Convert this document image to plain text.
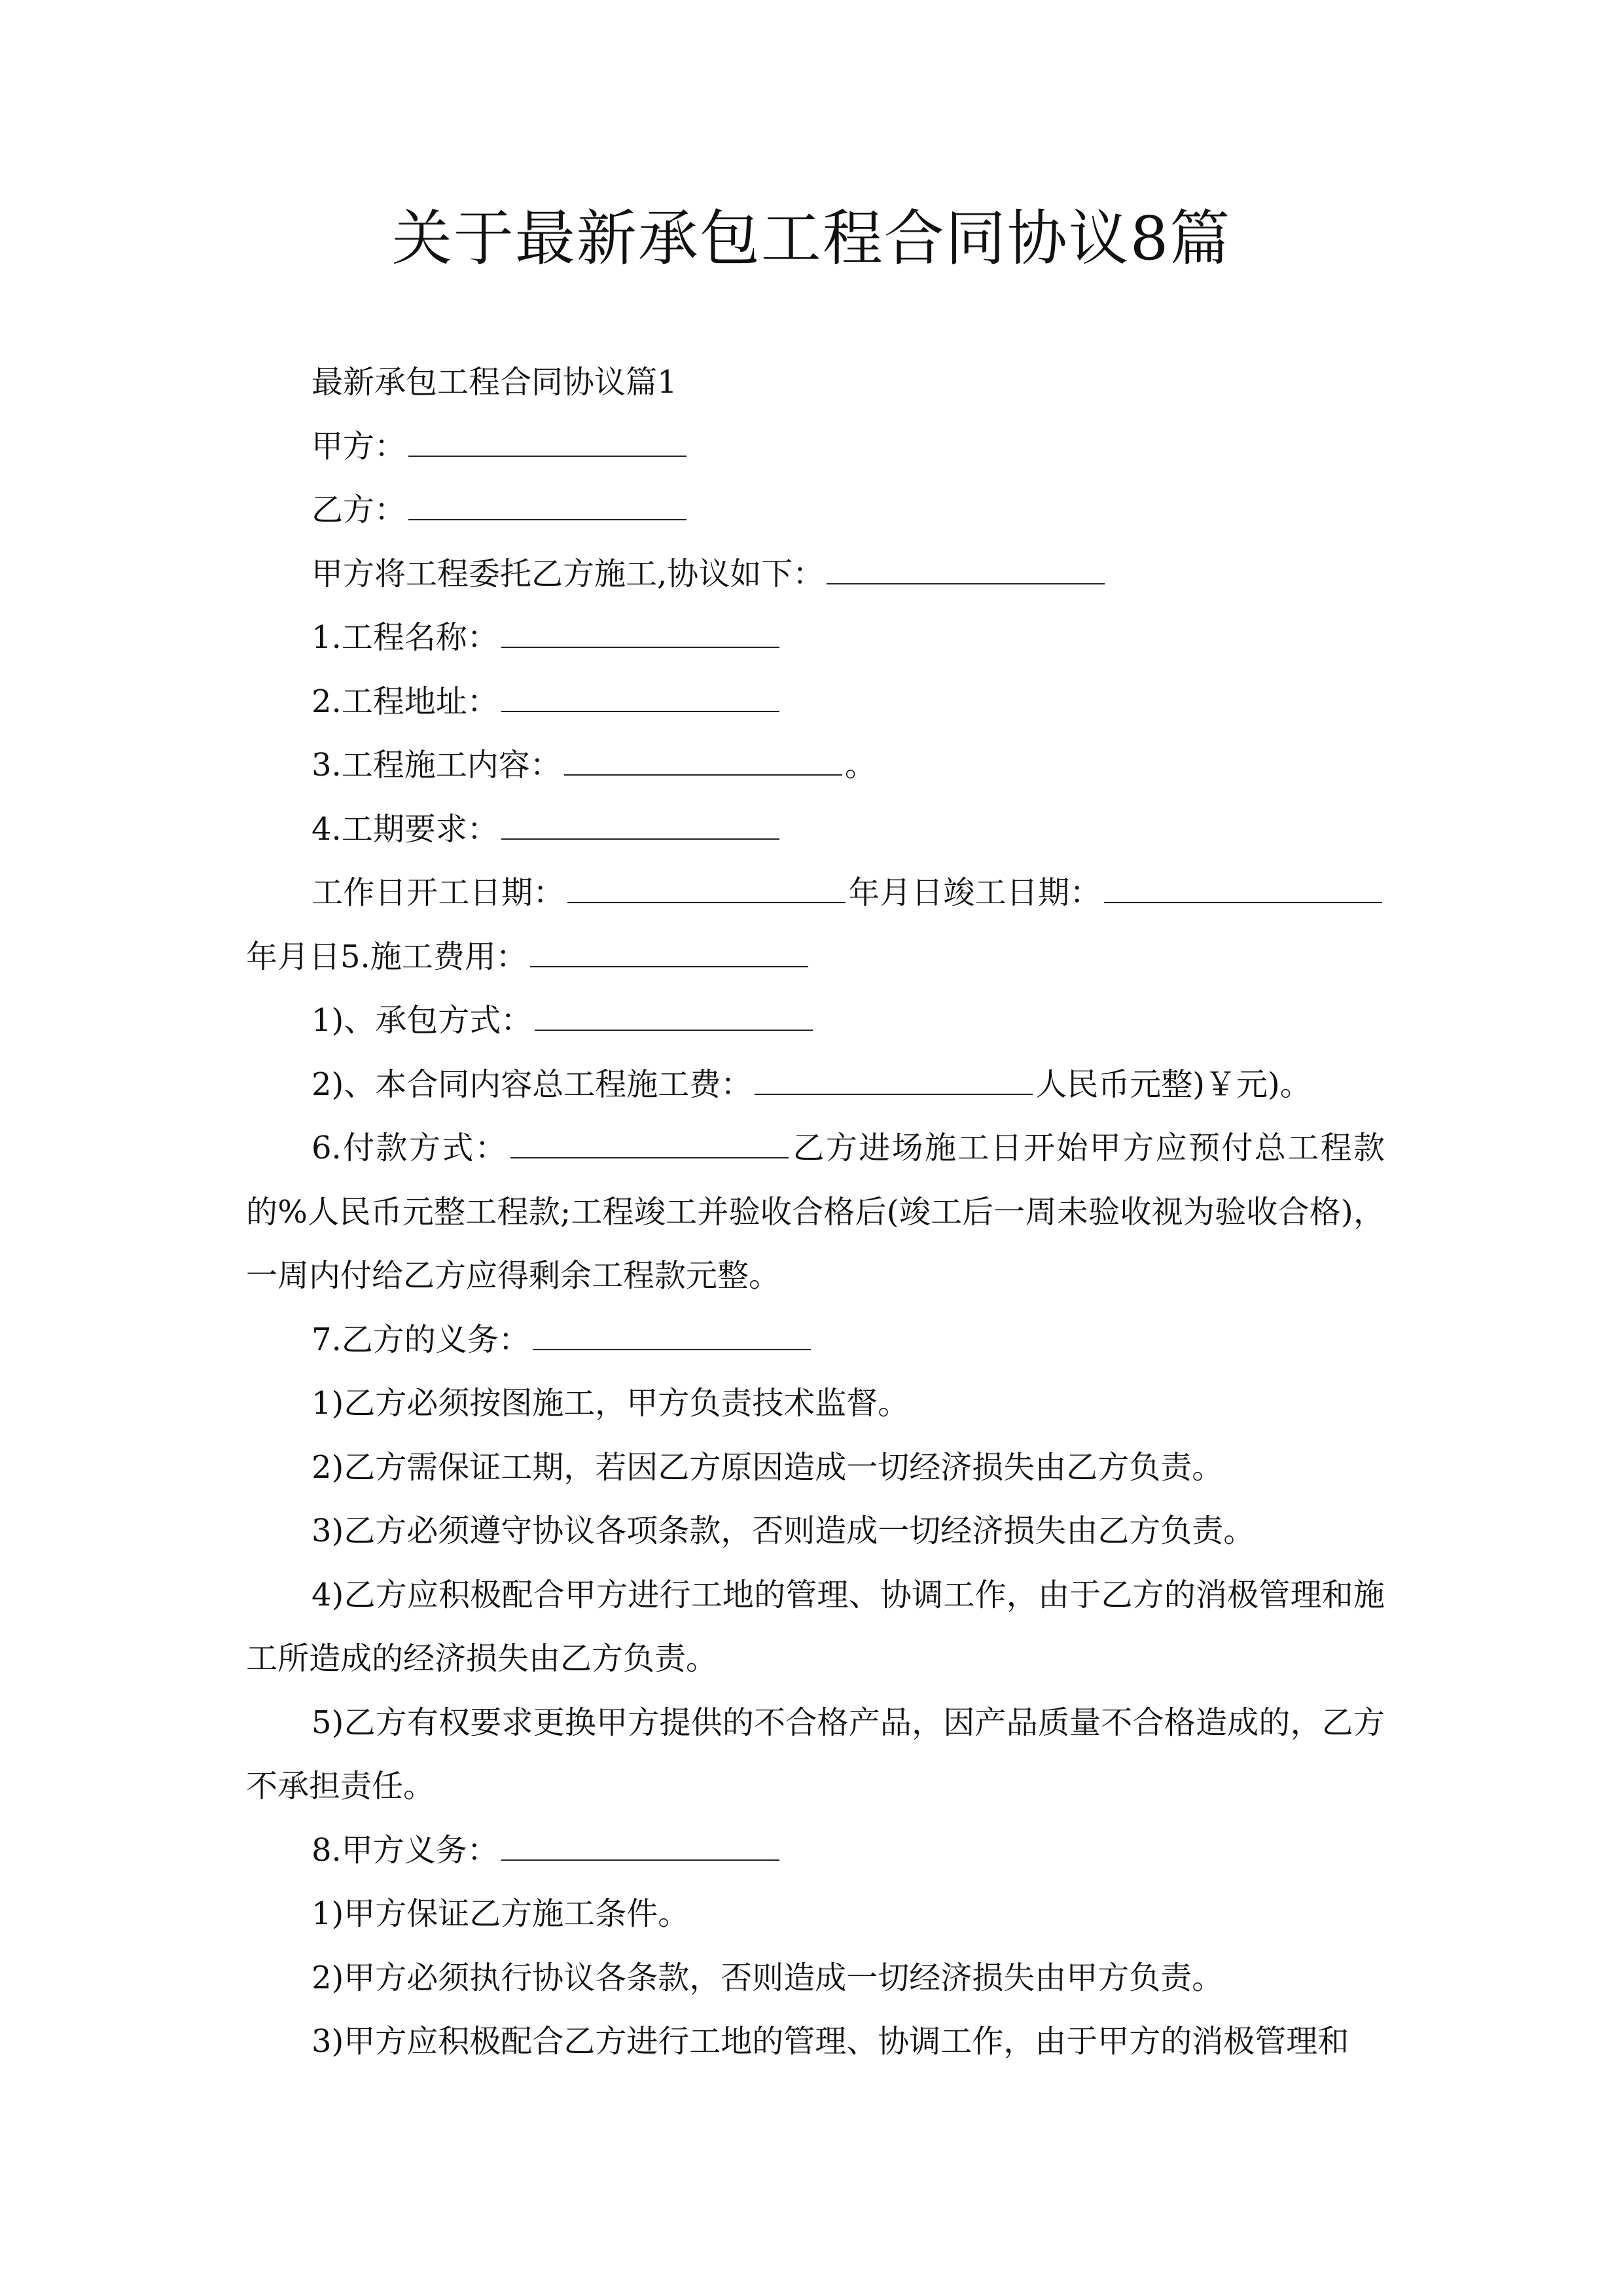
关于最新承包工程合同协议8篇

最新承包工程合同协议篇1

甲方：

乙方：

甲方将工程委托乙方施工,协议如下：

1.工程名称：

2.工程地址：

3.工程施工内容：	。

4.工期要求：

工作日开工日期：	年月日竣工日期：年月日5.施工费用：

1)、承包方式：

2)、本合同内容总工程施工费：	人民币元整)￥元)。

6.付款方式：	乙方进场施工日开始甲方应预付总工程款的%人民币元整工程款;工程竣工并验收合格后(竣工后一周未验收视为验收合格)，一周内付给乙方应得剩余工程款元整。

7.乙方的义务：

1)乙方必须按图施工，甲方负责技术监督。

2)乙方需保证工期，若因乙方原因造成一切经济损失由乙方负责。

3)乙方必须遵守协议各项条款，否则造成一切经济损失由乙方负责。

4)乙方应积极配合甲方进行工地的管理、协调工作，由于乙方的消极管理和施工所造成的经济损失由乙方负责。

5)乙方有权要求更换甲方提供的不合格产品，因产品质量不合格造成的，乙方不承担责任。

8.甲方义务：

1)甲方保证乙方施工条件。

2)甲方必须执行协议各条款，否则造成一切经济损失由甲方负责。

3)甲方应积极配合乙方进行工地的管理、协调工作，由于甲方的消极管理和
